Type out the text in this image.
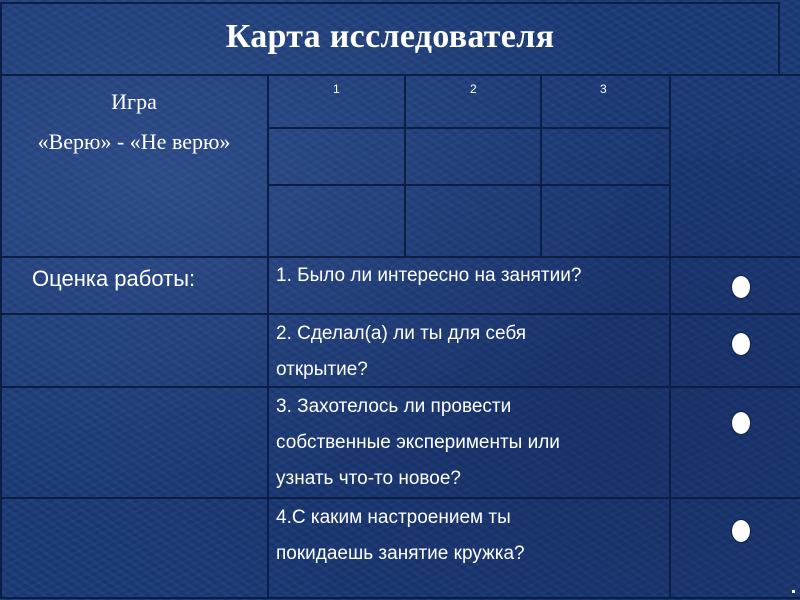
Карта исследователя
Игра
«Верю» - «Не верю»
1	2	3
Оценка работы:	1. Было ли интересно на занятии?
2. Сделал(а) ли ты для себя
открытие?
3. Захотелось ли провести
собственные эксперименты или
узнать что-то новое?
4.С каким настроением ты
покидаешь занятие кружка?
